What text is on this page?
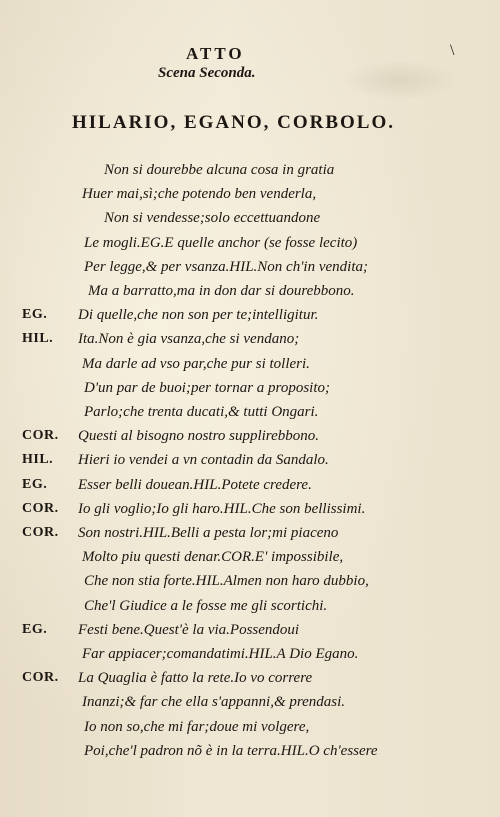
ATTO	\
Scena Seconda.
HILARIO, EGANO, CORBOLO.
Non si dourebbe alcuna cosa in gratia
Huer mai,sì;che potendo ben venderla,
Non si vendesse;solo eccettuandone
Le mogli.EG.E quelle anchor (se fosse lecito)
Per legge,& per vsanza.HIL.Non ch'in vendita;
Ma a barratto,ma in don dar si dourebbono.
EG. Di quelle,che non son per te;intelligitur.
HIL. Ita.Non è gia vsanza,che si vendano;
Ma darle ad vso par,che pur si tolleri.
D'un par de buoi;per tornar a proposito;
Parlo;che trenta ducati,& tutti Ongari.
COR. Questi al bisogno nostro supplirebbono.
HIL. Hieri io vendei a vn contadin da Sandalo.
EG. Esser belli douean.HIL.Potete credere.
COR. Io gli voglio;Io gli haro.HIL.Che son bellissimi.
COR. Son nostri.HIL.Belli a pesta lor;mi piaceno
Molto piu questi denar.COR.E' impossibile,
Che non stia forte.HIL.Almen non haro dubbio,
Che'l Giudice a le fosse me gli scortichi.
EG. Festi bene.Quest'è la via.Possendoui
Far appiacer;comandatimi.HIL.A Dio Egano.
COR. La Quaglia è fatto la rete.Io vo correre
Inanzi;& far che ella s'appanni,& prendasi.
Io non so,che mi far;doue mi volgere,
Poi,che'l padron nõ è in la terra.HIL.O ch'essere
